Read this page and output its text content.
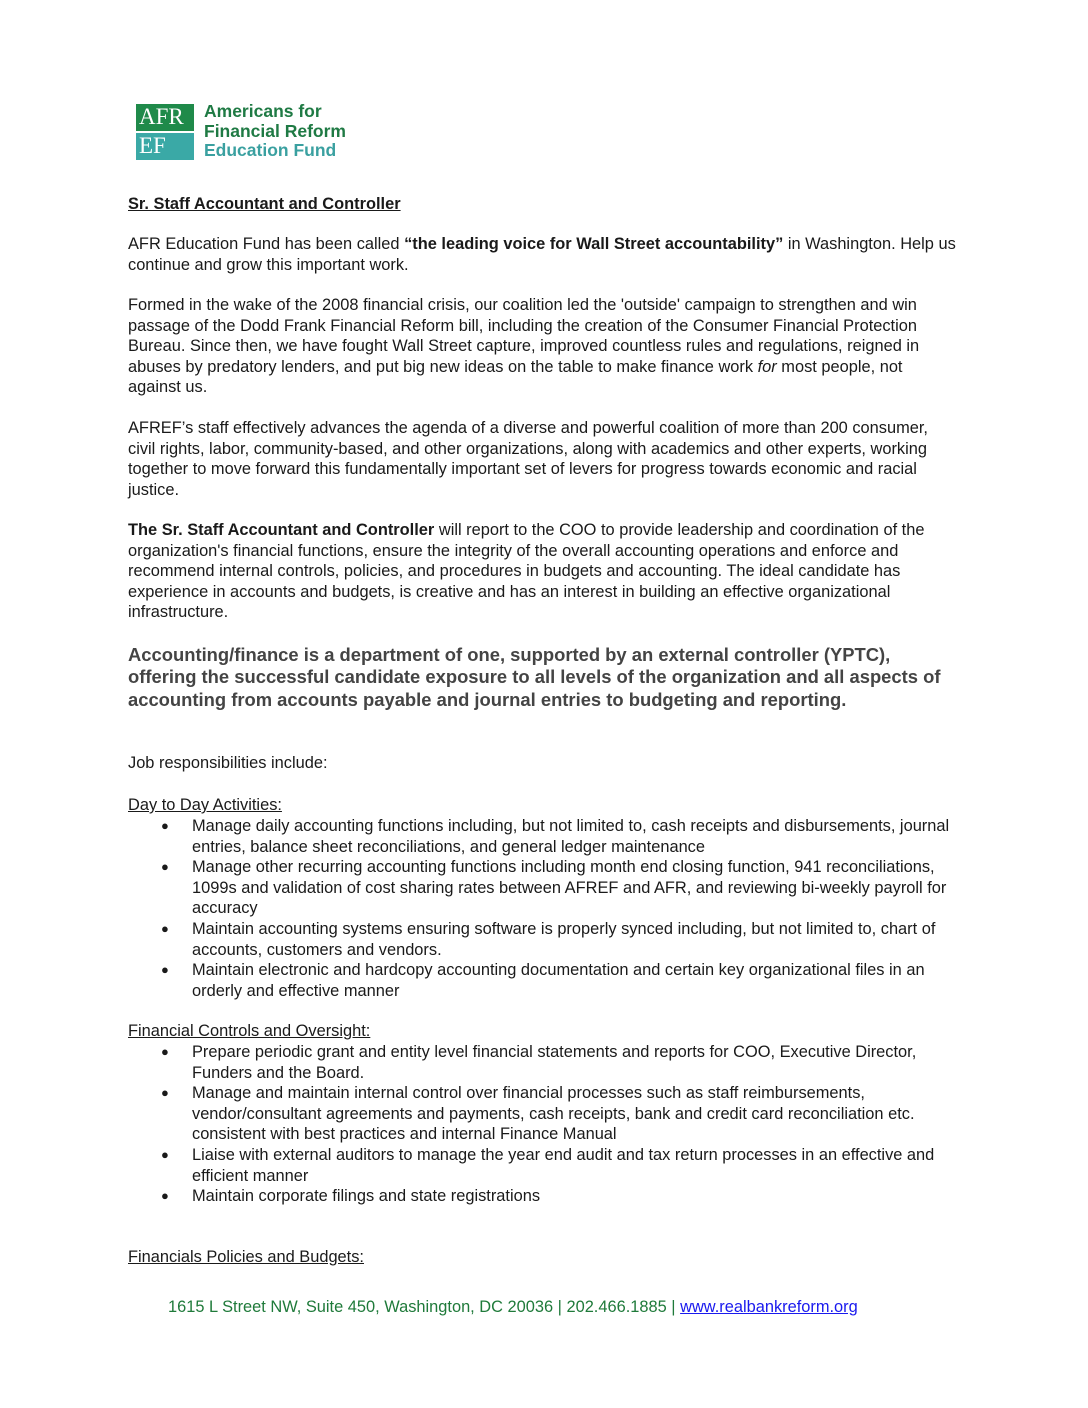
AFR
EF
Americans for
Financial Reform
Education Fund

Sr. Staff Accountant and Controller

AFR Education Fund has been called “the leading voice for Wall Street accountability” in Washington. Help us continue and grow this important work.

Formed in the wake of the 2008 financial crisis, our coalition led the 'outside' campaign to strengthen and win passage of the Dodd Frank Financial Reform bill, including the creation of the Consumer Financial Protection Bureau. Since then, we have fought Wall Street capture, improved countless rules and regulations, reigned in abuses by predatory lenders, and put big new ideas on the table to make finance work for most people, not against us.

AFREF’s staff effectively advances the agenda of a diverse and powerful coalition of more than 200 consumer, civil rights, labor, community-based, and other organizations, along with academics and other experts, working together to move forward this fundamentally important set of levers for progress towards economic and racial justice.

The Sr. Staff Accountant and Controller will report to the COO to provide leadership and coordination of the organization's financial functions, ensure the integrity of the overall accounting operations and enforce and recommend internal controls, policies, and procedures in budgets and accounting. The ideal candidate has experience in accounts and budgets, is creative and has an interest in building an effective organizational infrastructure.

Accounting/finance is a department of one, supported by an external controller (YPTC), offering the successful candidate exposure to all levels of the organization and all aspects of accounting from accounts payable and journal entries to budgeting and reporting.

Job responsibilities include:

Day to Day Activities:
● Manage daily accounting functions including, but not limited to, cash receipts and disbursements, journal entries, balance sheet reconciliations, and general ledger maintenance
● Manage other recurring accounting functions including month end closing function, 941 reconciliations, 1099s and validation of cost sharing rates between AFREF and AFR, and reviewing bi-weekly payroll for accuracy
● Maintain accounting systems ensuring software is properly synced including, but not limited to, chart of accounts, customers and vendors.
● Maintain electronic and hardcopy accounting documentation and certain key organizational files in an orderly and effective manner
Financial Controls and Oversight:
● Prepare periodic grant and entity level financial statements and reports for COO, Executive Director, Funders and the Board.
● Manage and maintain internal control over financial processes such as staff reimbursements, vendor/consultant agreements and payments, cash receipts, bank and credit card reconciliation etc. consistent with best practices and internal Finance Manual
● Liaise with external auditors to manage the year end audit and tax return processes in an effective and efficient manner
● Maintain corporate filings and state registrations
Financials Policies and Budgets:
1615 L Street NW, Suite 450, Washington, DC 20036 | 202.466.1885 | www.realbankreform.org
